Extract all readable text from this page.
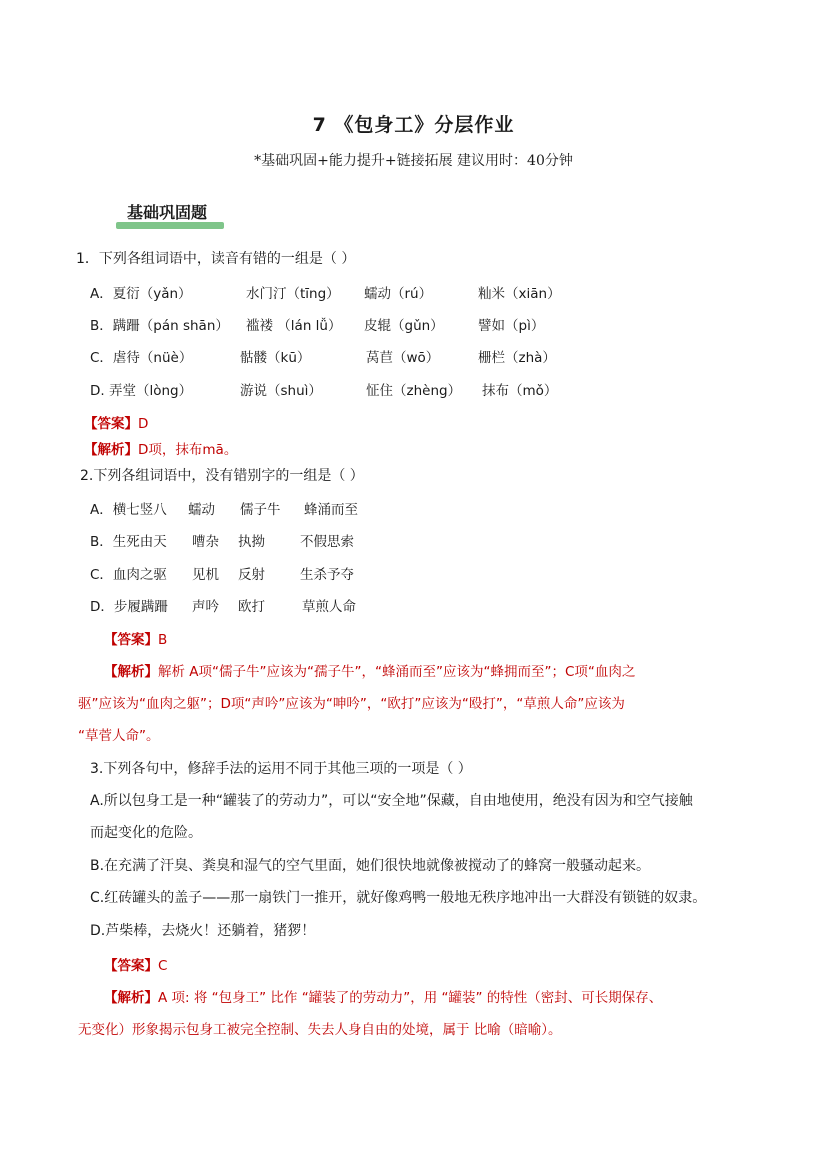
7 《包身工》分层作业
*基础巩固+能力提升+链接拓展 建议用时：40分钟
基础巩固题
1．下列各组词语中，读音有错的一组是（ ）
A．夏衍（yǎn）	水门汀（tīng） 蠕动（rú）	籼米（xiān）
B．蹒跚（pán shān） 褴褛 （lán lǚ） 皮辊（gǔn）	譬如（pì）
C．虐待（nüè）	骷髅（kū）	莴苣（wō）	栅栏（zhà）
D. 弄堂（lòng）	游说（shuì）	怔住（zhèng） 抹布（mǒ）
【答案】D
【解析】D项，抹布mā。
2.下列各组词语中，没有错别字的一组是（ ）
A．横七竖八 蠕动 儒子牛 蜂涌而至
B．生死由天 嘈杂 执拗	不假思索
C．血肉之驱 见机 反射	生杀予夺
D．步履蹒跚 声吟 欧打	草煎人命
【答案】B
【解析】解析 A项“儒子牛”应该为“孺子牛”，“蜂涌而至”应该为“蜂拥而至”；C项“血肉之
驱”应该为“血肉之躯”；D项“声吟”应该为“呻吟”，“欧打”应该为“殴打”，“草煎人命”应该为
“草菅人命”。
3.下列各句中，修辞手法的运用不同于其他三项的一项是（ ）
A.所以包身工是一种“罐装了的劳动力”，可以“安全地”保藏，自由地使用，绝没有因为和空气接触
而起变化的危险。
B.在充满了汗臭、粪臭和湿气的空气里面，她们很快地就像被搅动了的蜂窝一般骚动起来。
C.红砖罐头的盖子——那一扇铁门一推开，就好像鸡鸭一般地无秩序地冲出一大群没有锁链的奴隶。
D.芦柴棒，去烧火！还躺着，猪猡！
【答案】C
【解析】A 项: 将 “包身工” 比作 “罐装了的劳动力”，用 “罐装” 的特性（密封、可长期保存、
无变化）形象揭示包身工被完全控制、失去人身自由的处境，属于 比喻（暗喻）。
